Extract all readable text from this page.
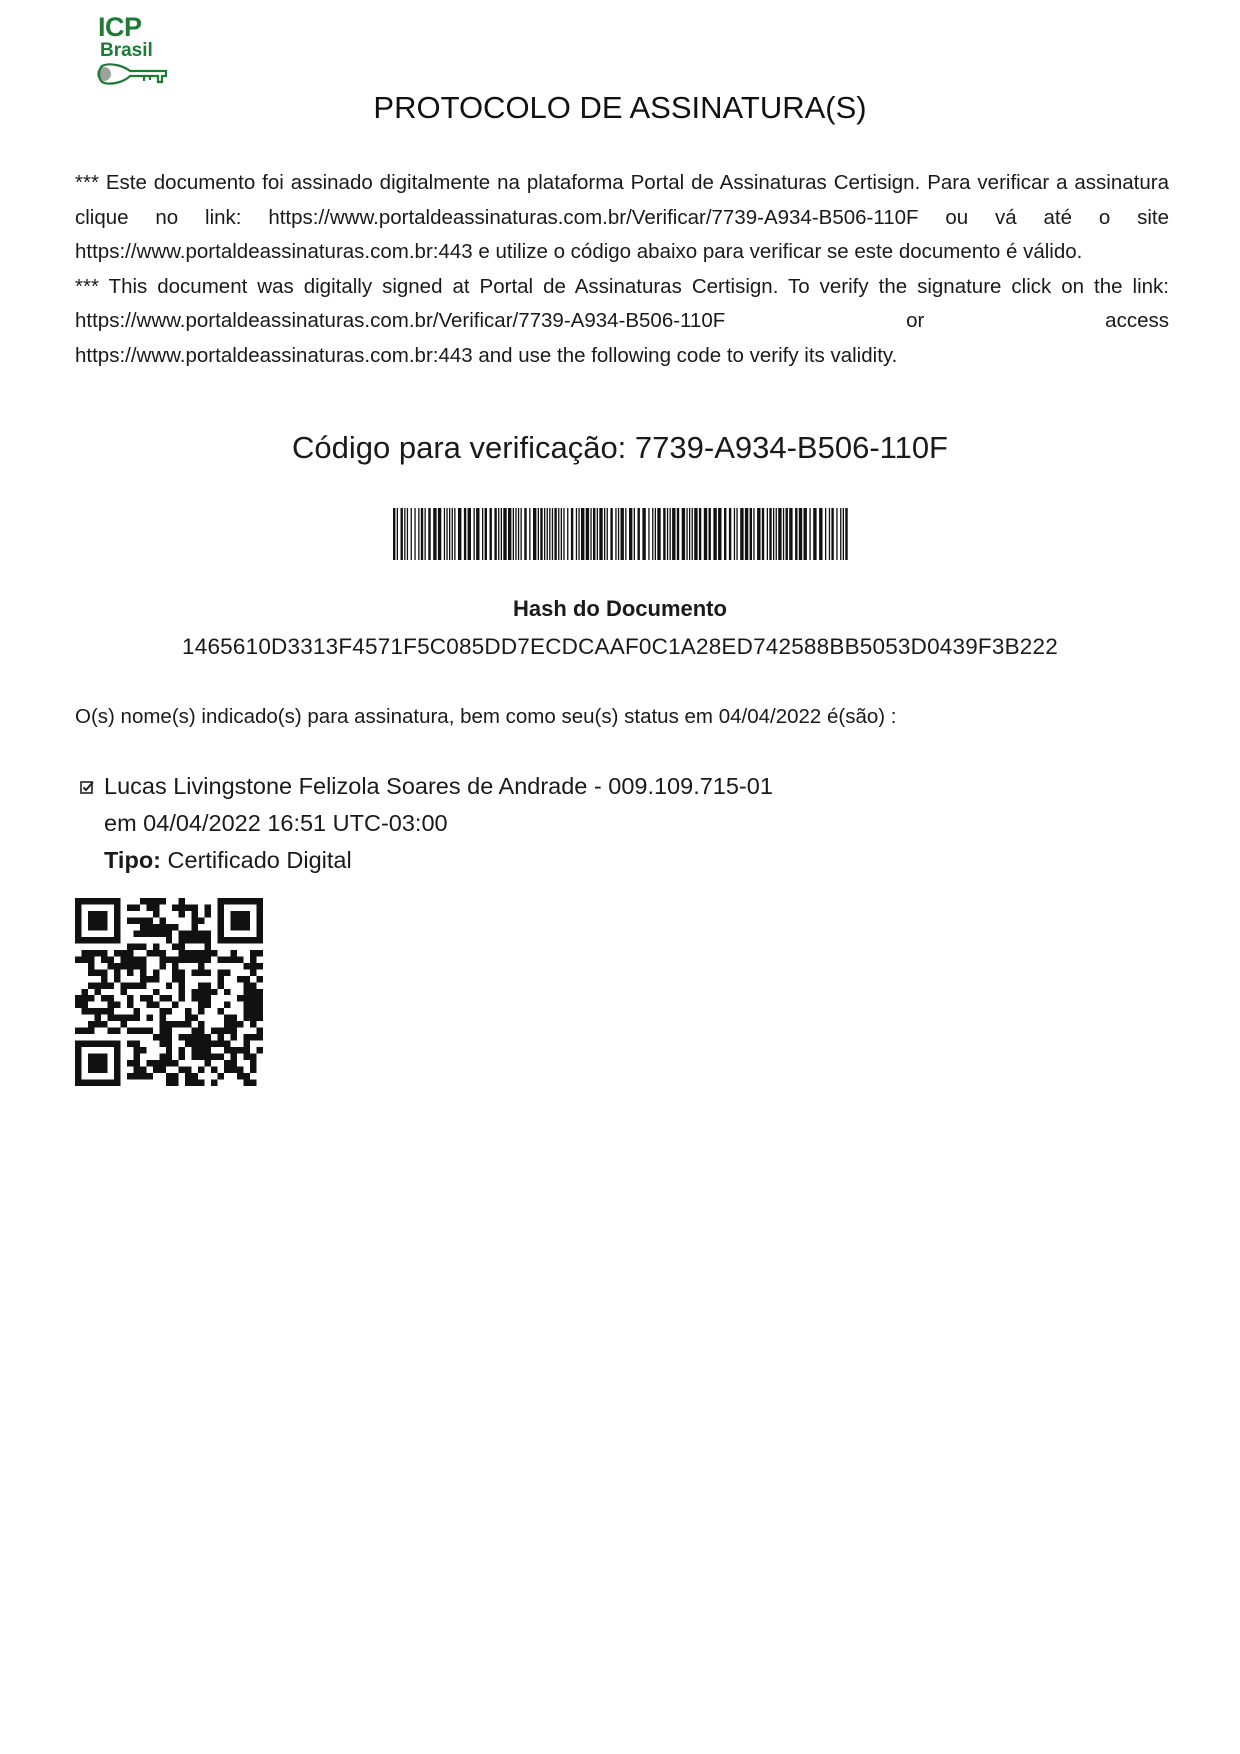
ICP
Brasil
PROTOCOLO DE ASSINATURA(S)

*** Este documento foi assinado digitalmente na plataforma Portal de Assinaturas Certisign. Para verificar a assinatura clique no link: https://www.portaldeassinaturas.com.br/Verificar/7739-A934-B506-110F ou vá até o site https://www.portaldeassinaturas.com.br:443 e utilize o código abaixo para verificar se este documento é válido.

*** This document was digitally signed at Portal de Assinaturas Certisign. To verify the signature click on the link: https://www.portaldeassinaturas.com.br/Verificar/7739-A934-B506-110F or access https://www.portaldeassinaturas.com.br:443 and use the following code to verify its validity.

Código para verificação: 7739-A934-B506-110F
Hash do Documento
1465610D3313F4571F5C085DD7ECDCAAF0C1A28ED742588BB5053D0439F3B222
O(s) nome(s) indicado(s) para assinatura, bem como seu(s) status em 04/04/2022 é(são) :
Lucas Livingstone Felizola Soares de Andrade - 009.109.715-01
em 04/04/2022 16:51 UTC-03:00
Tipo: Certificado Digital
